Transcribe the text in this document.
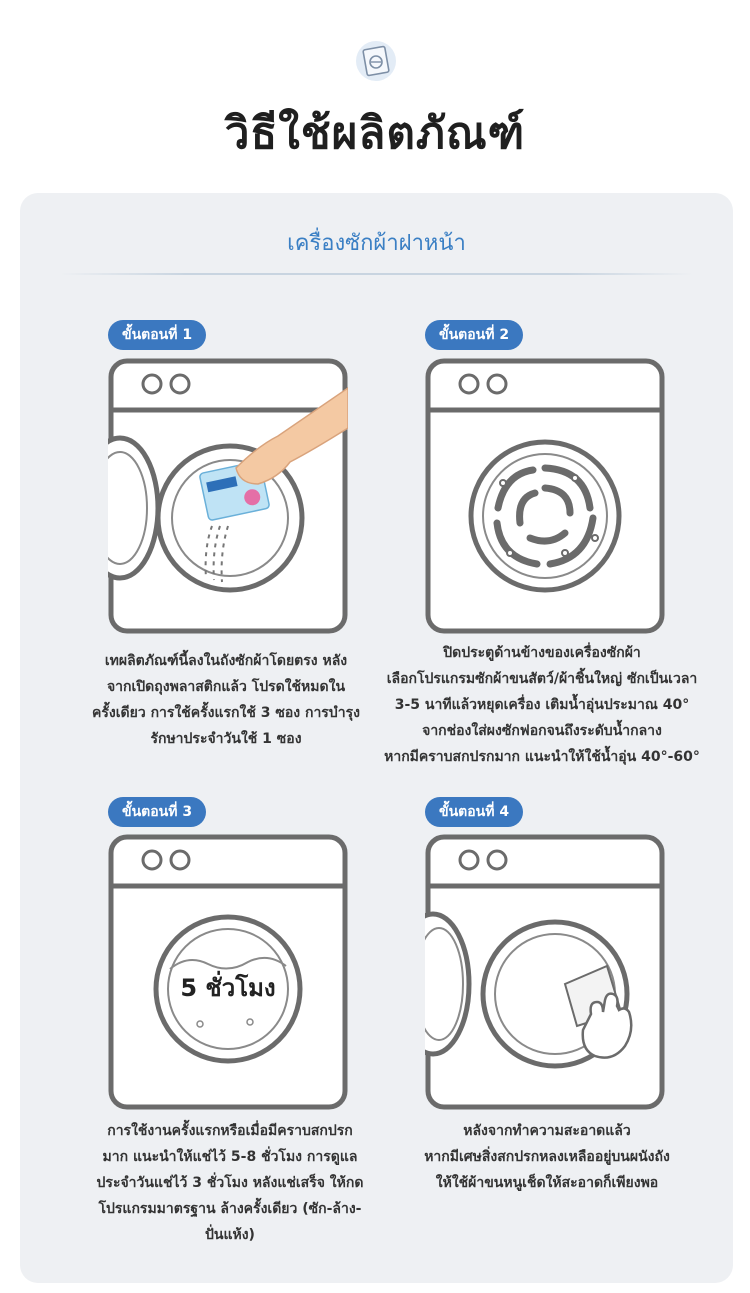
วิธีใช้ผลิตภัณฑ์
เครื่องซักผ้าฝาหน้า
ขั้นตอนที่ 1
เทผลิตภัณฑ์นี้ลงในถังซักผ้าโดยตรง หลัง
จากเปิดถุงพลาสติกแล้ว โปรดใช้หมดใน
ครั้งเดียว การใช้ครั้งแรกใช้ 3 ซอง การบำรุง
รักษาประจำวันใช้ 1 ซอง
ขั้นตอนที่ 2
ปิดประตูด้านข้างของเครื่องซักผ้า
เลือกโปรแกรมซักผ้าขนสัตว์/ผ้าชิ้นใหญ่ ซักเป็นเวลา
3-5 นาทีแล้วหยุดเครื่อง เติมน้ำอุ่นประมาณ 40°
จากช่องใส่ผงซักฟอกจนถึงระดับน้ำกลาง
หากมีคราบสกปรกมาก แนะนำให้ใช้น้ำอุ่น 40°-60°
ขั้นตอนที่ 3
5 ชั่วโมง
การใช้งานครั้งแรกหรือเมื่อมีคราบสกปรก
มาก แนะนำให้แช่ไว้ 5-8 ชั่วโมง การดูแล
ประจำวันแช่ไว้ 3 ชั่วโมง หลังแช่เสร็จ ให้กด
โปรแกรมมาตรฐาน ล้างครั้งเดียว (ซัก-ล้าง-
ปั่นแห้ง)
ขั้นตอนที่ 4
หลังจากทำความสะอาดแล้ว
หากมีเศษสิ่งสกปรกหลงเหลืออยู่บนผนังถัง
ให้ใช้ผ้าขนหนูเช็ดให้สะอาดก็เพียงพอ
